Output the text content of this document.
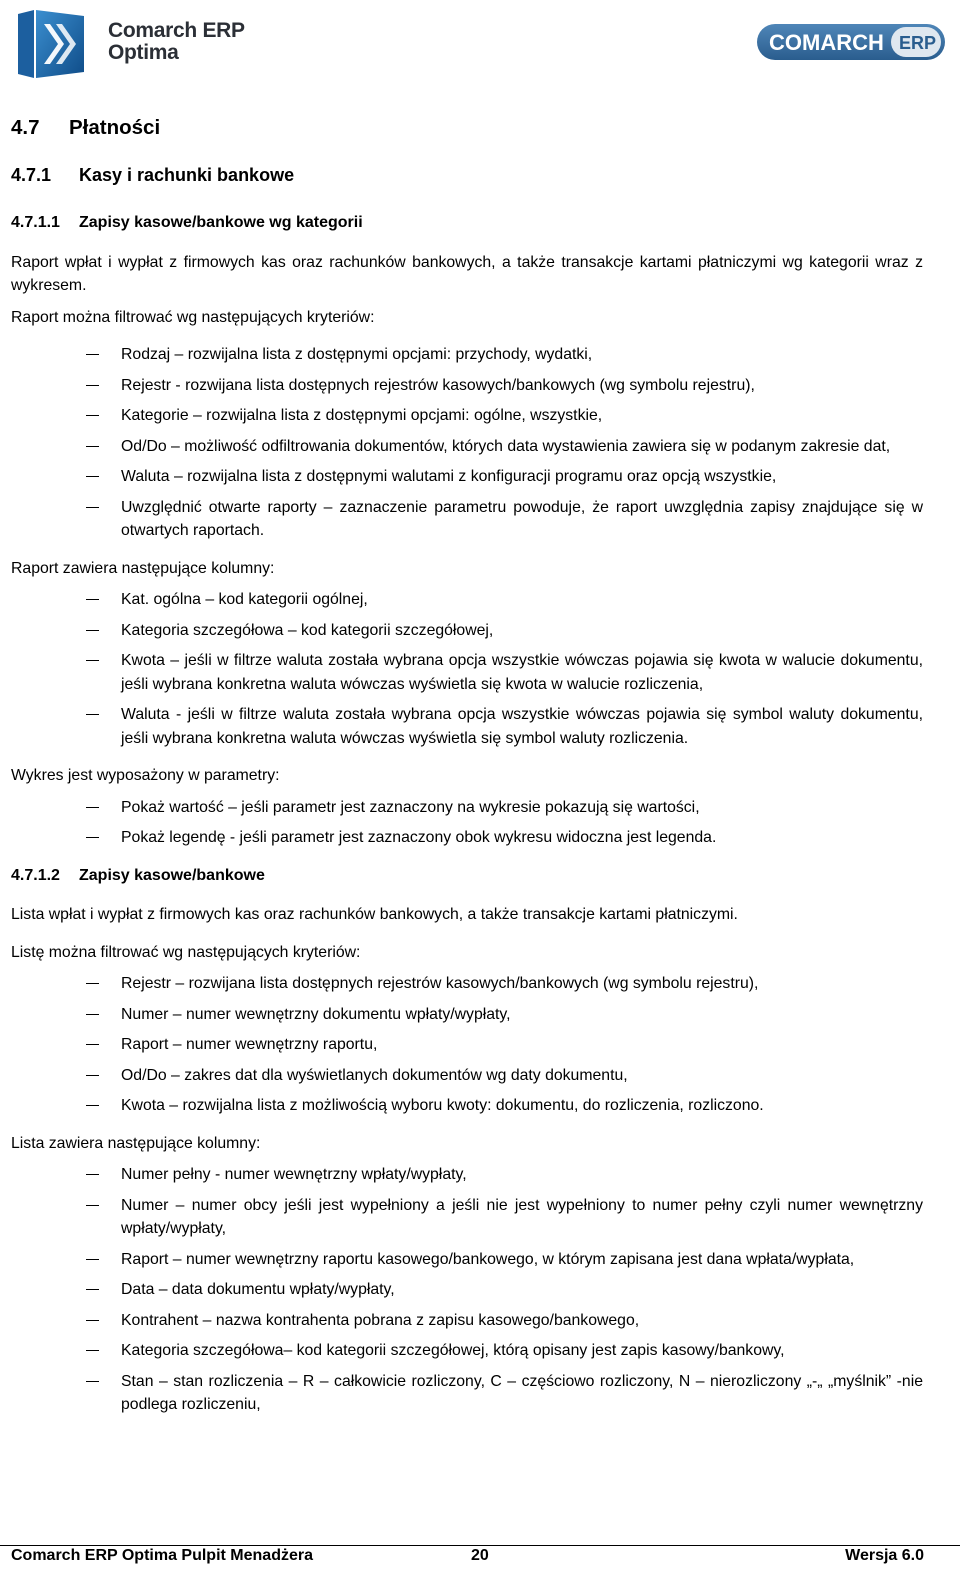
Comarch ERP
Optima	COMARCH ERP
4.7	Płatności
4.7.1	Kasy i rachunki bankowe
4.7.1.1	Zapisy kasowe/bankowe wg kategorii

Raport wpłat i wypłat z firmowych kas oraz rachunków bankowych, a także transakcje kartami płatniczymi wg kategorii wraz z wykresem.

Raport można filtrować wg następujących kryteriów:

Rodzaj – rozwijalna lista z dostępnymi opcjami: przychody, wydatki,
Rejestr - rozwijana lista dostępnych rejestrów kasowych/bankowych (wg symbolu rejestru),
Kategorie – rozwijalna lista z dostępnymi opcjami: ogólne, wszystkie,
Od/Do – możliwość odfiltrowania dokumentów, których data wystawienia zawiera się w podanym zakresie dat,
Waluta – rozwijalna lista z dostępnymi walutami z konfiguracji programu oraz opcją wszystkie,
Uwzględnić otwarte raporty – zaznaczenie parametru powoduje, że raport uwzględnia zapisy znajdujące się w otwartych raportach.

Raport zawiera następujące kolumny:

Kat. ogólna – kod kategorii ogólnej,
Kategoria szczegółowa – kod kategorii szczegółowej,
Kwota – jeśli w filtrze waluta została wybrana opcja wszystkie wówczas pojawia się kwota w walucie dokumentu, jeśli wybrana konkretna waluta wówczas wyświetla się kwota w walucie rozliczenia,
Waluta - jeśli w filtrze waluta została wybrana opcja wszystkie wówczas pojawia się symbol waluty dokumentu, jeśli wybrana konkretna waluta wówczas wyświetla się symbol waluty rozliczenia.

Wykres jest wyposażony w parametry:

Pokaż wartość – jeśli parametr jest zaznaczony na wykresie pokazują się wartości,
Pokaż legendę - jeśli parametr jest zaznaczony obok wykresu widoczna jest legenda.
4.7.1.2	Zapisy kasowe/bankowe

Lista wpłat i wypłat z firmowych kas oraz rachunków bankowych, a także transakcje kartami płatniczymi.

Listę można filtrować wg następujących kryteriów:

Rejestr – rozwijana lista dostępnych rejestrów kasowych/bankowych (wg symbolu rejestru),
Numer – numer wewnętrzny dokumentu wpłaty/wypłaty,
Raport – numer wewnętrzny raportu,
Od/Do – zakres dat dla wyświetlanych dokumentów wg daty dokumentu,
Kwota – rozwijalna lista z możliwością wyboru kwoty: dokumentu, do rozliczenia, rozliczono.

Lista zawiera następujące kolumny:

Numer pełny - numer wewnętrzny wpłaty/wypłaty,
Numer – numer obcy jeśli jest wypełniony a jeśli nie jest wypełniony to numer pełny czyli numer wewnętrzny wpłaty/wypłaty,
Raport – numer wewnętrzny raportu kasowego/bankowego, w którym zapisana jest dana wpłata/wypłata,
Data – data dokumentu wpłaty/wypłaty,
Kontrahent – nazwa kontrahenta pobrana z zapisu kasowego/bankowego,
Kategoria szczegółowa– kod kategorii szczegółowej, którą opisany jest zapis kasowy/bankowy,
Stan – stan rozliczenia – R – całkowicie rozliczony, C – częściowo rozliczony, N – nierozliczony „-„ „myślnik” -nie podlega rozliczeniu,
Comarch ERP Optima Pulpit Menadżera	20	Wersja 6.0
